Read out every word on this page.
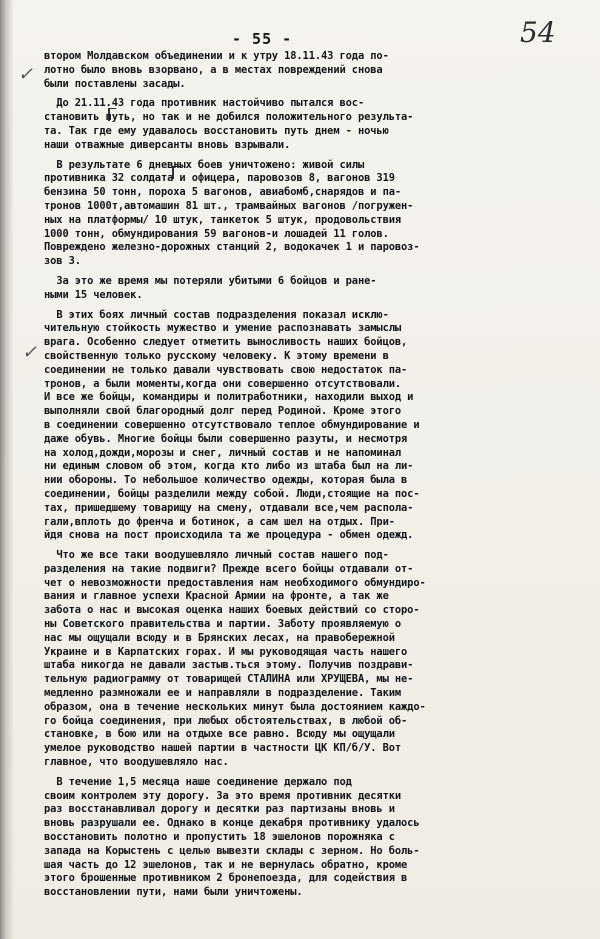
- 55 -	54
✓
✓

втором Молдавском объединении и к утру 18.11.43 года по-
лотно было вновь взорвано, а в местах повреждений снова
были поставлены засады.

До 21.11.43 года противник настойчиво пытался вос-
становить путь, но так и не добился положительного результа-
та. Так где ему удавалось восстановить путь днем - ночью
наши отважные диверсанты вновь взрывали.

В результате 6 дневных боев уничтожено: живой силы
противника 32 солдата и офицера, паровозов 8, вагонов 319
бензина 50 тонн, пороха 5 вагонов, авиабомб,снарядов и па-
тронов 1000т,автомашин 81 шт., трамвайных вагонов /погружен-
ных на платформы/ 10 штук, танкеток 5 штук, продовольствия
1000 тонн, обмундирования 59 вагонов-и лошадей 11 голов.
Повреждено железно-дорожных станций 2, водокачек 1 и паровоз-
зов 3.

За это же время мы потеряли убитыми 6 бойцов и ране-
ными 15 человек.

В этих боях личный состав подразделения показал исклю-
чительную стойкость мужество и умение распознавать замыслы
врага. Особенно следует отметить выносливость наших бойцов,
свойственную только русскому человеку. К этому времени в
соединении не только давали чувствовать свою недостаток па-
тронов, а были моменты,когда они совершенно отсутствовали.
И все же бойцы, командиры и политработники, находили выход и
выполняли свой благородный долг перед Родиной. Кроме этого
в соединении совершенно отсутствовало теплое обмундирование и
даже обувь. Многие бойцы были совершенно разуты, и несмотря
на холод,дожди,морозы и снег, личный состав и не напоминал
ни единым словом об этом, когда кто либо из штаба был на ли-
нии обороны. То небольшое количество одежды, которая была в
соединении, бойцы разделили между собой. Люди,стоящие на пос-
тах, пришедшему товарищу на смену, отдавали все,чем распола-
гали,вплоть до френча и ботинок, а сам шел на отдых. При-
йдя снова на пост происходила та же процедура - обмен одежд.

Что же все таки воодушевляло личный состав нашего под-
разделения на такие подвиги? Прежде всего бойцы отдавали от-
чет о невозможности предоставления нам необходимого обмундиро-
вания и главное успехи Красной Армии на фронте, а так же
забота о нас и высокая оценка наших боевых действий со сторо-
ны Советского правительства и партии. Заботу проявляемую о
нас мы ощущали всюду и в Брянских лесах, на правобережной
Украине и в Карпатских горах. И мы руководящая часть нашего
штаба никогда не давали застыв.ться этому. Получив поздрави-
тельную радиограмму от товарищей СТАЛИНА или ХРУЩЕВА, мы не-
медленно размножали ее и направляли в подразделение. Таким
образом, она в течение нескольких минут была достоянием каждо-
го бойца соединения, при любых обстоятельствах, в любой об-
становке, в бою или на отдыхе все равно. Всюду мы ощущали
умелое руководство нашей партии в частности ЦК КП/б/У. Вот
главное, что воодушевляло нас.

В течение 1,5 месяца наше соединение держало под
своим контролем эту дорогу. За это время противник десятки
раз восстанавливал дорогу и десятки раз партизаны вновь и
вновь разрушали ее. Однако в конце декабря противнику удалось
восстановить полотно и пропустить 18 эшелонов порожняка с
запада на Корыстень с целью вывезти склады с зерном. Но боль-
шая часть до 12 эшелонов, так и не вернулась обратно, кроме
этого брошенные противником 2 бронепоезда, для содействия в
восстановлении пути, нами были уничтожены.
